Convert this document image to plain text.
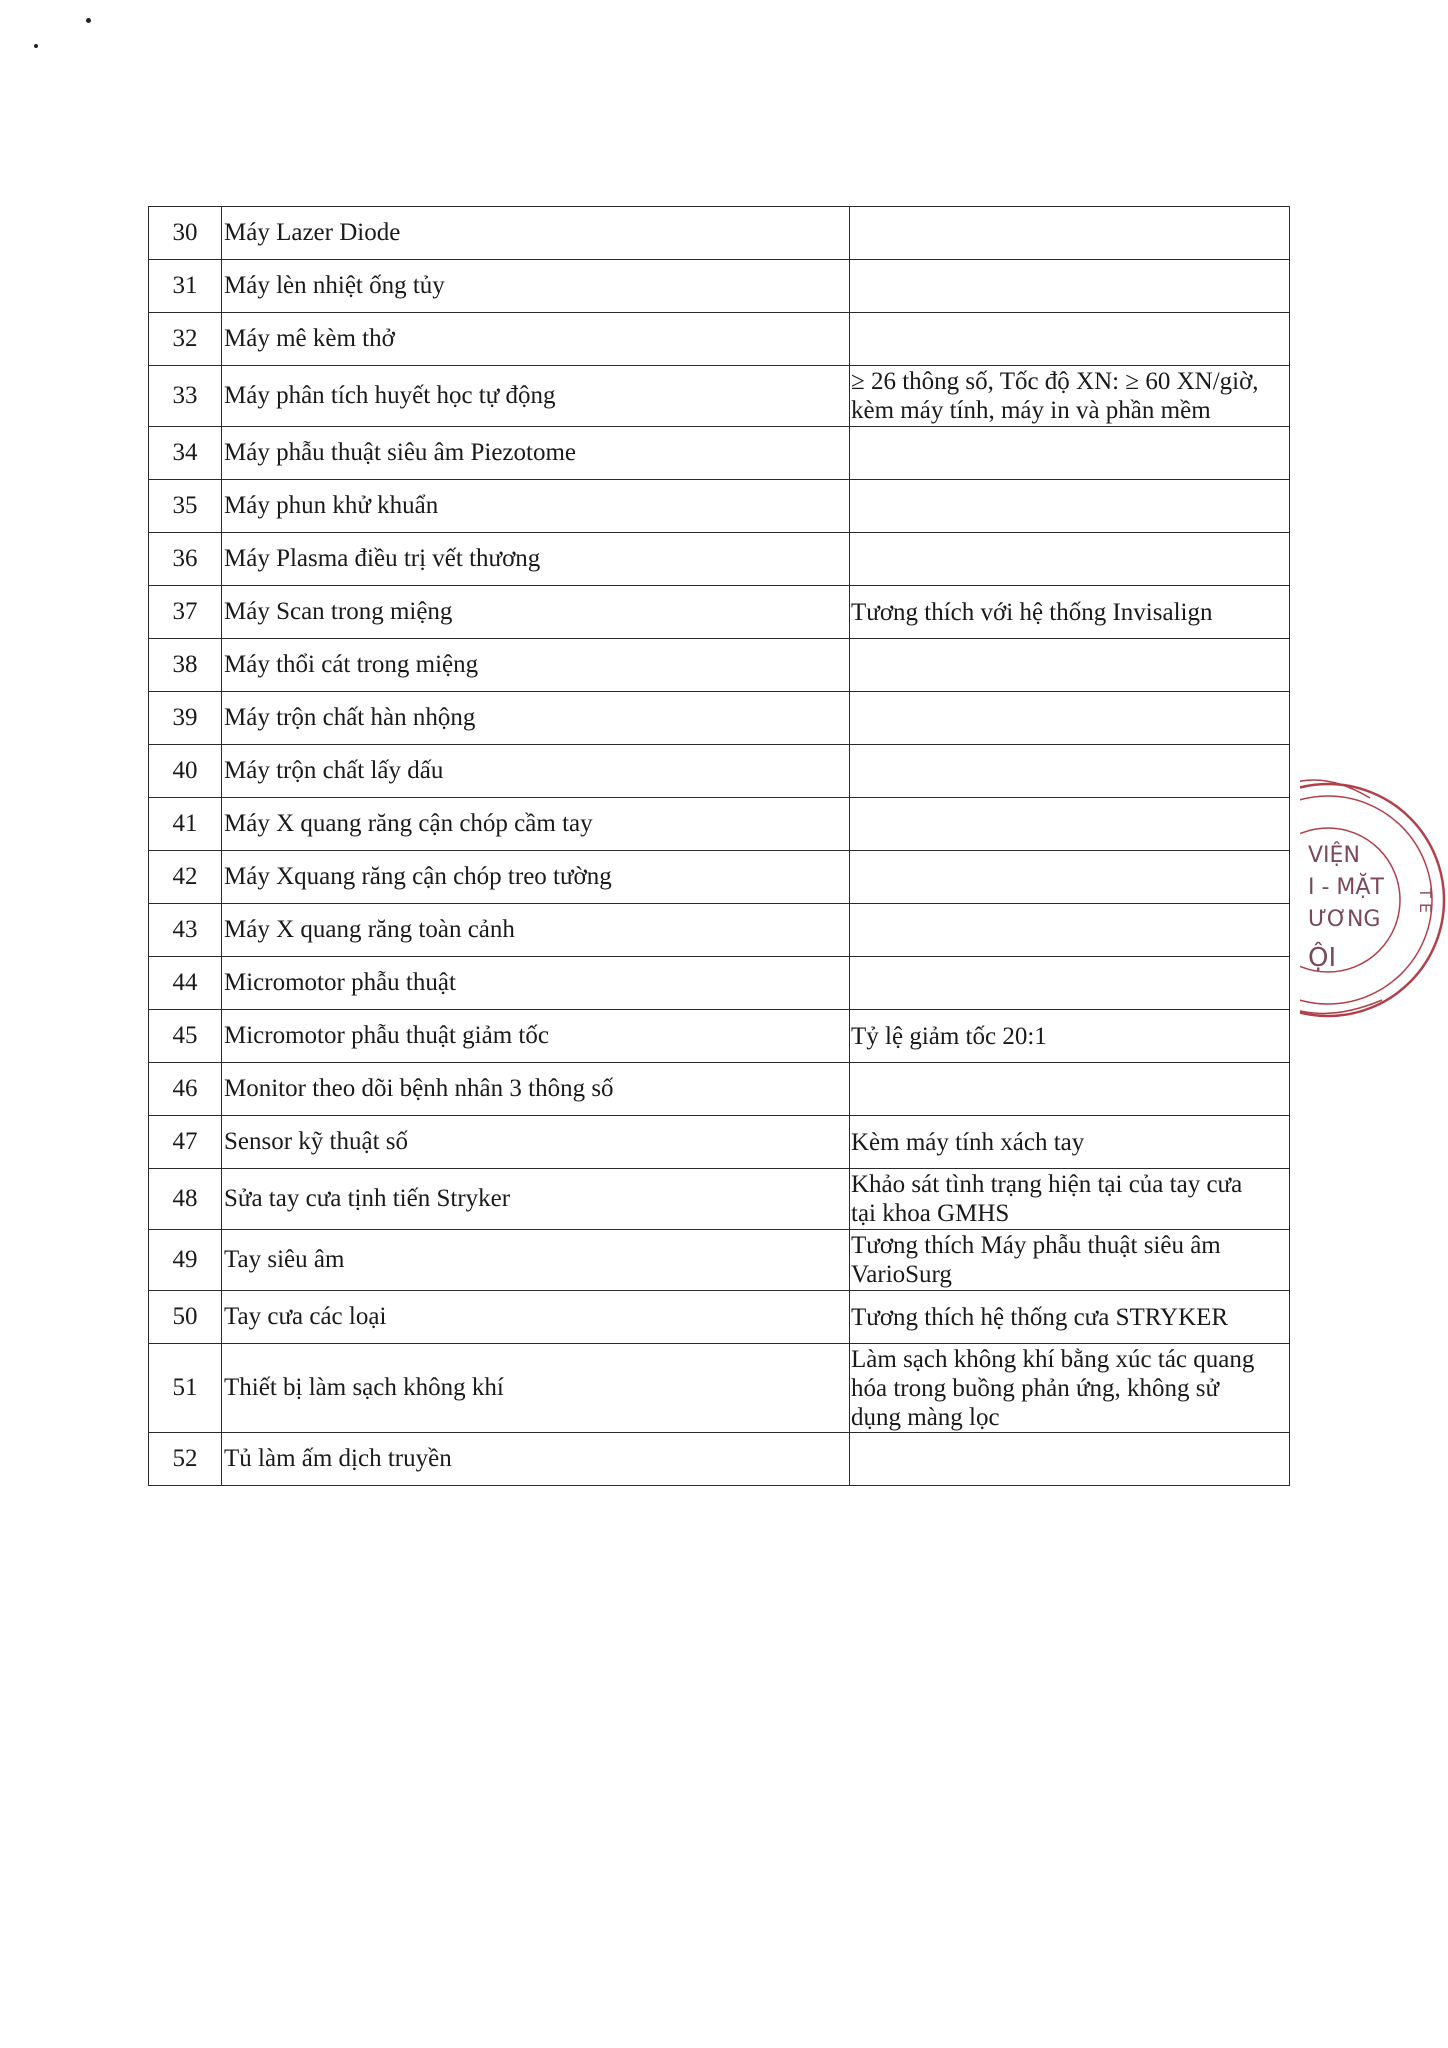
30	Máy Lazer Diode	
31	Máy lèn nhiệt ống tủy	
32	Máy mê kèm thở	
33	Máy phân tích huyết học tự động	≥ 26 thông số, Tốc độ XN: ≥ 60 XN/giờ,
kèm máy tính, máy in và phần mềm
34	Máy phẫu thuật siêu âm Piezotome	
35	Máy phun khử khuẩn	
36	Máy Plasma điều trị vết thương	
37	Máy Scan trong miệng	Tương thích với hệ thống Invisalign
38	Máy thổi cát trong miệng	
39	Máy trộn chất hàn nhộng	
40	Máy trộn chất lấy dấu	
41	Máy X quang răng cận chóp cầm tay	
42	Máy Xquang răng cận chóp treo tường	
43	Máy X quang răng toàn cảnh	
44	Micromotor phẫu thuật	
45	Micromotor phẫu thuật giảm tốc	Tỷ lệ giảm tốc 20:1
46	Monitor theo dõi bệnh nhân 3 thông số	
47	Sensor kỹ thuật số	Kèm máy tính xách tay
48	Sửa tay cưa tịnh tiến Stryker	Khảo sát tình trạng hiện tại của tay cưa
tại khoa GMHS
49	Tay siêu âm	Tương thích Máy phẫu thuật siêu âm
VarioSurg
50	Tay cưa các loại	Tương thích hệ thống cưa STRYKER
51	Thiết bị làm sạch không khí	Làm sạch không khí bằng xúc tác quang
hóa trong buồng phản ứng, không sử
dụng màng lọc
52	Tủ làm ấm dịch truyền	
VIỆN
I - MẶT
ƯƠNG
ỘI
T E
